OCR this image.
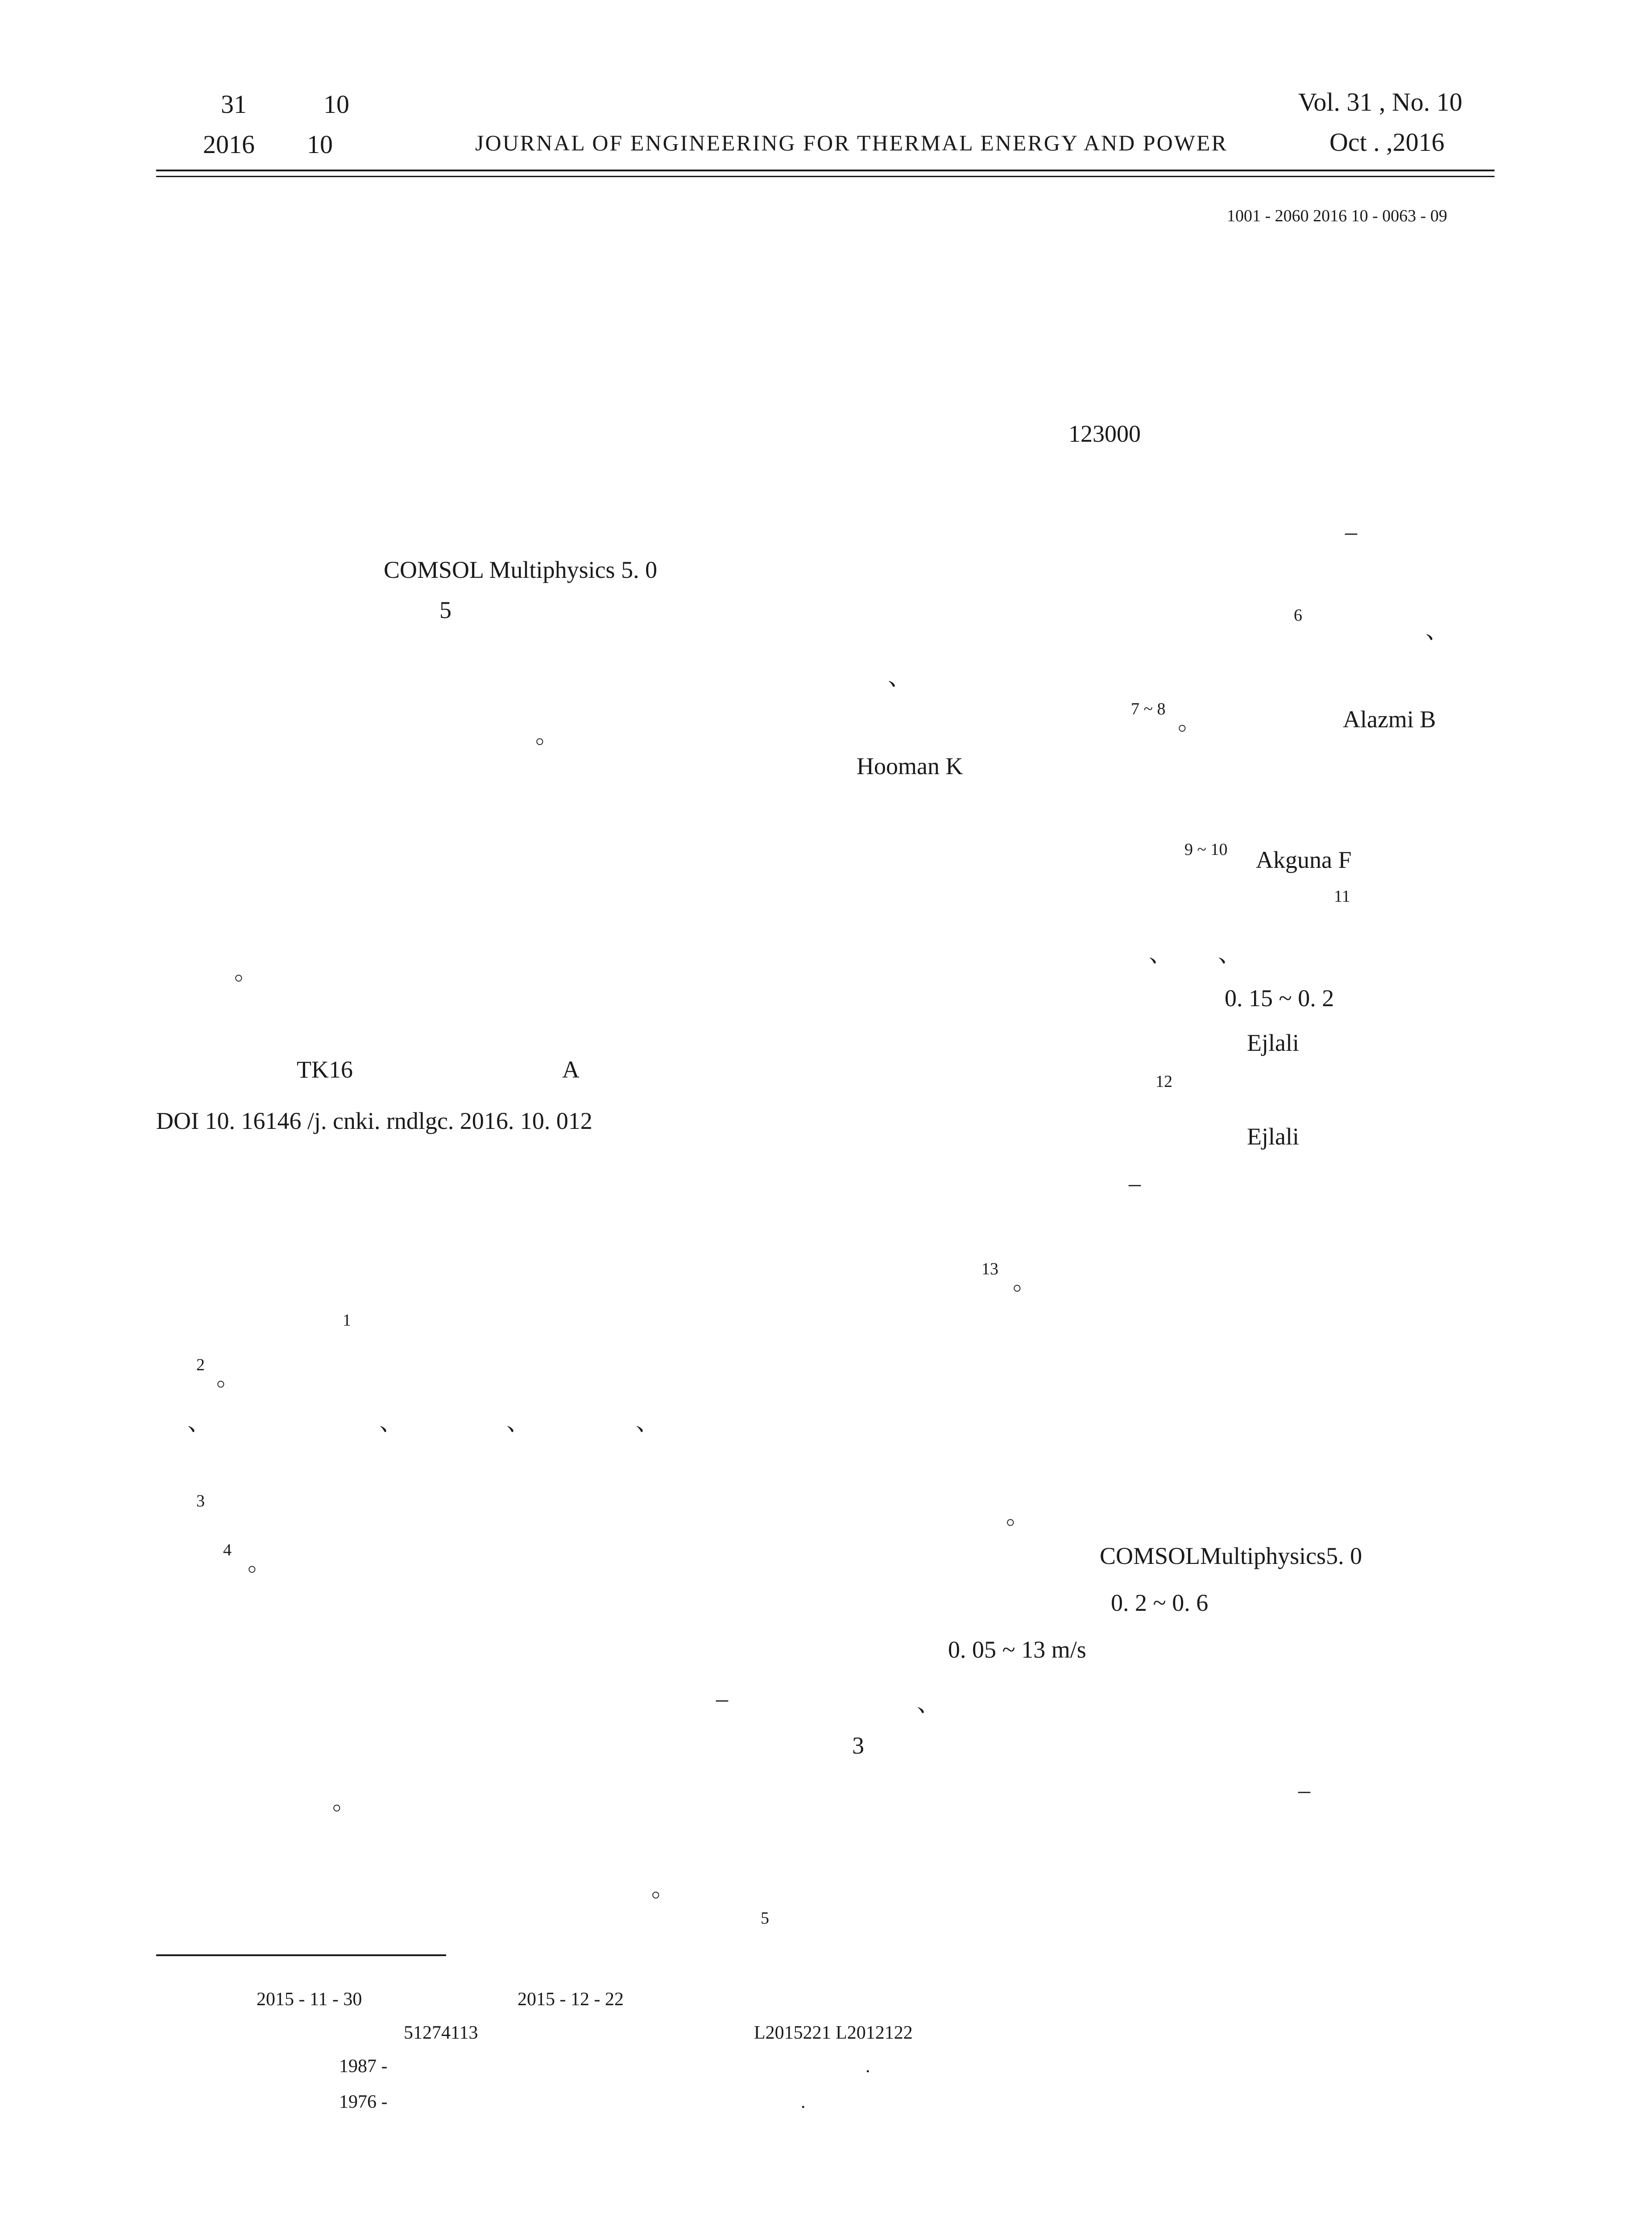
31	10
2016 10	JOURNAL OF ENGINEERING FOR THERMAL ENERGY AND POWER
Vol. 31 , No. 10
Oct . ,2016
1001 - 2060 2016 10 - 0063 - 09
123000
COMSOL Multiphysics 5. 0
5
。
。
TK16	A
DOI 10. 16146 /j. cnki. rndlgc. 2016. 10. 012
1
2 。
、	、	、	、
3
4 。
。
。
5
–
6
、
、
7 ~ 8 。	Alazmi B
Hooman K
9 ~ 10 Akguna F
11
、 、
0. 15 ~ 0. 2
Ejlali
12
Ejlali
–
13 。
。
COMSOLMultiphysics5. 0
0. 2 ~ 0. 6
0. 05 ~ 13 m/s
–	、
3
–
2015 - 11 - 30	2015 - 12 - 22
51274113	L2015221 L2012122
1987 -	.
1976 -	.
